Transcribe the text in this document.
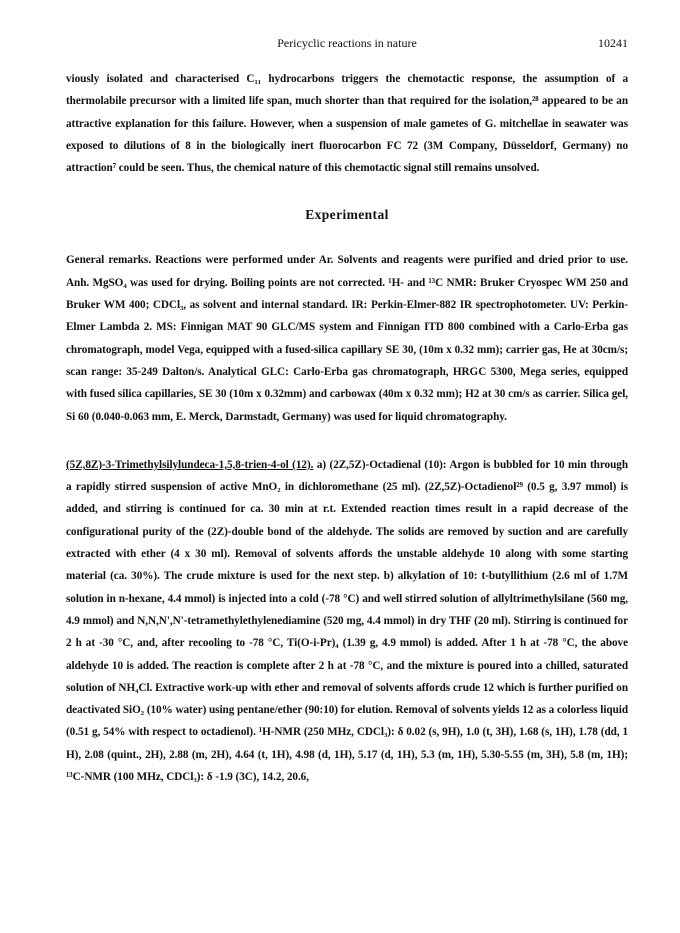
Pericyclic reactions in nature	10241

viously isolated and characterised C₁₁ hydrocarbons triggers the chemotactic response, the assumption of a thermolabile precursor with a limited life span, much shorter than that required for the isolation,²⁸ appeared to be an attractive explanation for this failure. However, when a suspension of male gametes of G. mitchellae in seawater was exposed to dilutions of 8 in the biologically inert fluorocarbon FC 72 (3M Company, Düsseldorf, Germany) no attraction⁷ could be seen. Thus, the chemical nature of this chemotactic signal still remains unsolved.

Experimental

General remarks. Reactions were performed under Ar. Solvents and reagents were purified and dried prior to use. Anh. MgSO₄ was used for drying. Boiling points are not corrected. ¹H- and ¹³C NMR: Bruker Cryospec WM 250 and Bruker WM 400; CDCl₃, as solvent and internal standard. IR: Perkin-Elmer-882 IR spectrophotometer. UV: Perkin-Elmer Lambda 2. MS: Finnigan MAT 90 GLC/MS system and Finnigan ITD 800 combined with a Carlo-Erba gas chromatograph, model Vega, equipped with a fused-silica capillary SE 30, (10m x 0.32 mm); carrier gas, He at 30cm/s; scan range: 35-249 Dalton/s. Analytical GLC: Carlo-Erba gas chromatograph, HRGC 5300, Mega series, equipped with fused silica capillaries, SE 30 (10m x 0.32mm) and carbowax (40m x 0.32 mm); H2 at 30 cm/s as carrier. Silica gel, Si 60 (0.040-0.063 mm, E. Merck, Darmstadt, Germany) was used for liquid chromatography.

(5Z,8Z)-3-Trimethylsilylundeca-1,5,8-trien-4-ol (12). a) (2Z,5Z)-Octadienal (10): Argon is bubbled for 10 min through a rapidly stirred suspension of active MnO₂ in dichloromethane (25 ml). (2Z,5Z)-Octadienol²⁹ (0.5 g, 3.97 mmol) is added, and stirring is continued for ca. 30 min at r.t. Extended reaction times result in a rapid decrease of the configurational purity of the (2Z)-double bond of the aldehyde. The solids are removed by suction and are carefully extracted with ether (4 x 30 ml). Removal of solvents affords the unstable aldehyde 10 along with some starting material (ca. 30%). The crude mixture is used for the next step. b) alkylation of 10: t-butyllithium (2.6 ml of 1.7M solution in n-hexane, 4.4 mmol) is injected into a cold (-78 °C) and well stirred solution of allyltrimethylsilane (560 mg, 4.9 mmol) and N,N,N',N'-tetramethylethylenediamine (520 mg, 4.4 mmol) in dry THF (20 ml). Stirring is continued for 2 h at -30 °C, and, after recooling to -78 °C, Ti(O-i-Pr)₄ (1.39 g, 4.9 mmol) is added. After 1 h at -78 °C, the above aldehyde 10 is added. The reaction is complete after 2 h at -78 °C, and the mixture is poured into a chilled, saturated solution of NH₄Cl. Extractive work-up with ether and removal of solvents affords crude 12 which is further purified on deactivated SiO₂ (10% water) using pentane/ether (90:10) for elution. Removal of solvents yields 12 as a colorless liquid (0.51 g, 54% with respect to octadienol). ¹H-NMR (250 MHz, CDCl₃): δ 0.02 (s, 9H), 1.0 (t, 3H), 1.68 (s, 1H), 1.78 (dd, 1 H), 2.08 (quint., 2H), 2.88 (m, 2H), 4.64 (t, 1H), 4.98 (d, 1H), 5.17 (d, 1H), 5.3 (m, 1H), 5.30-5.55 (m, 3H), 5.8 (m, 1H); ¹³C-NMR (100 MHz, CDCl₃): δ -1.9 (3C), 14.2, 20.6,
